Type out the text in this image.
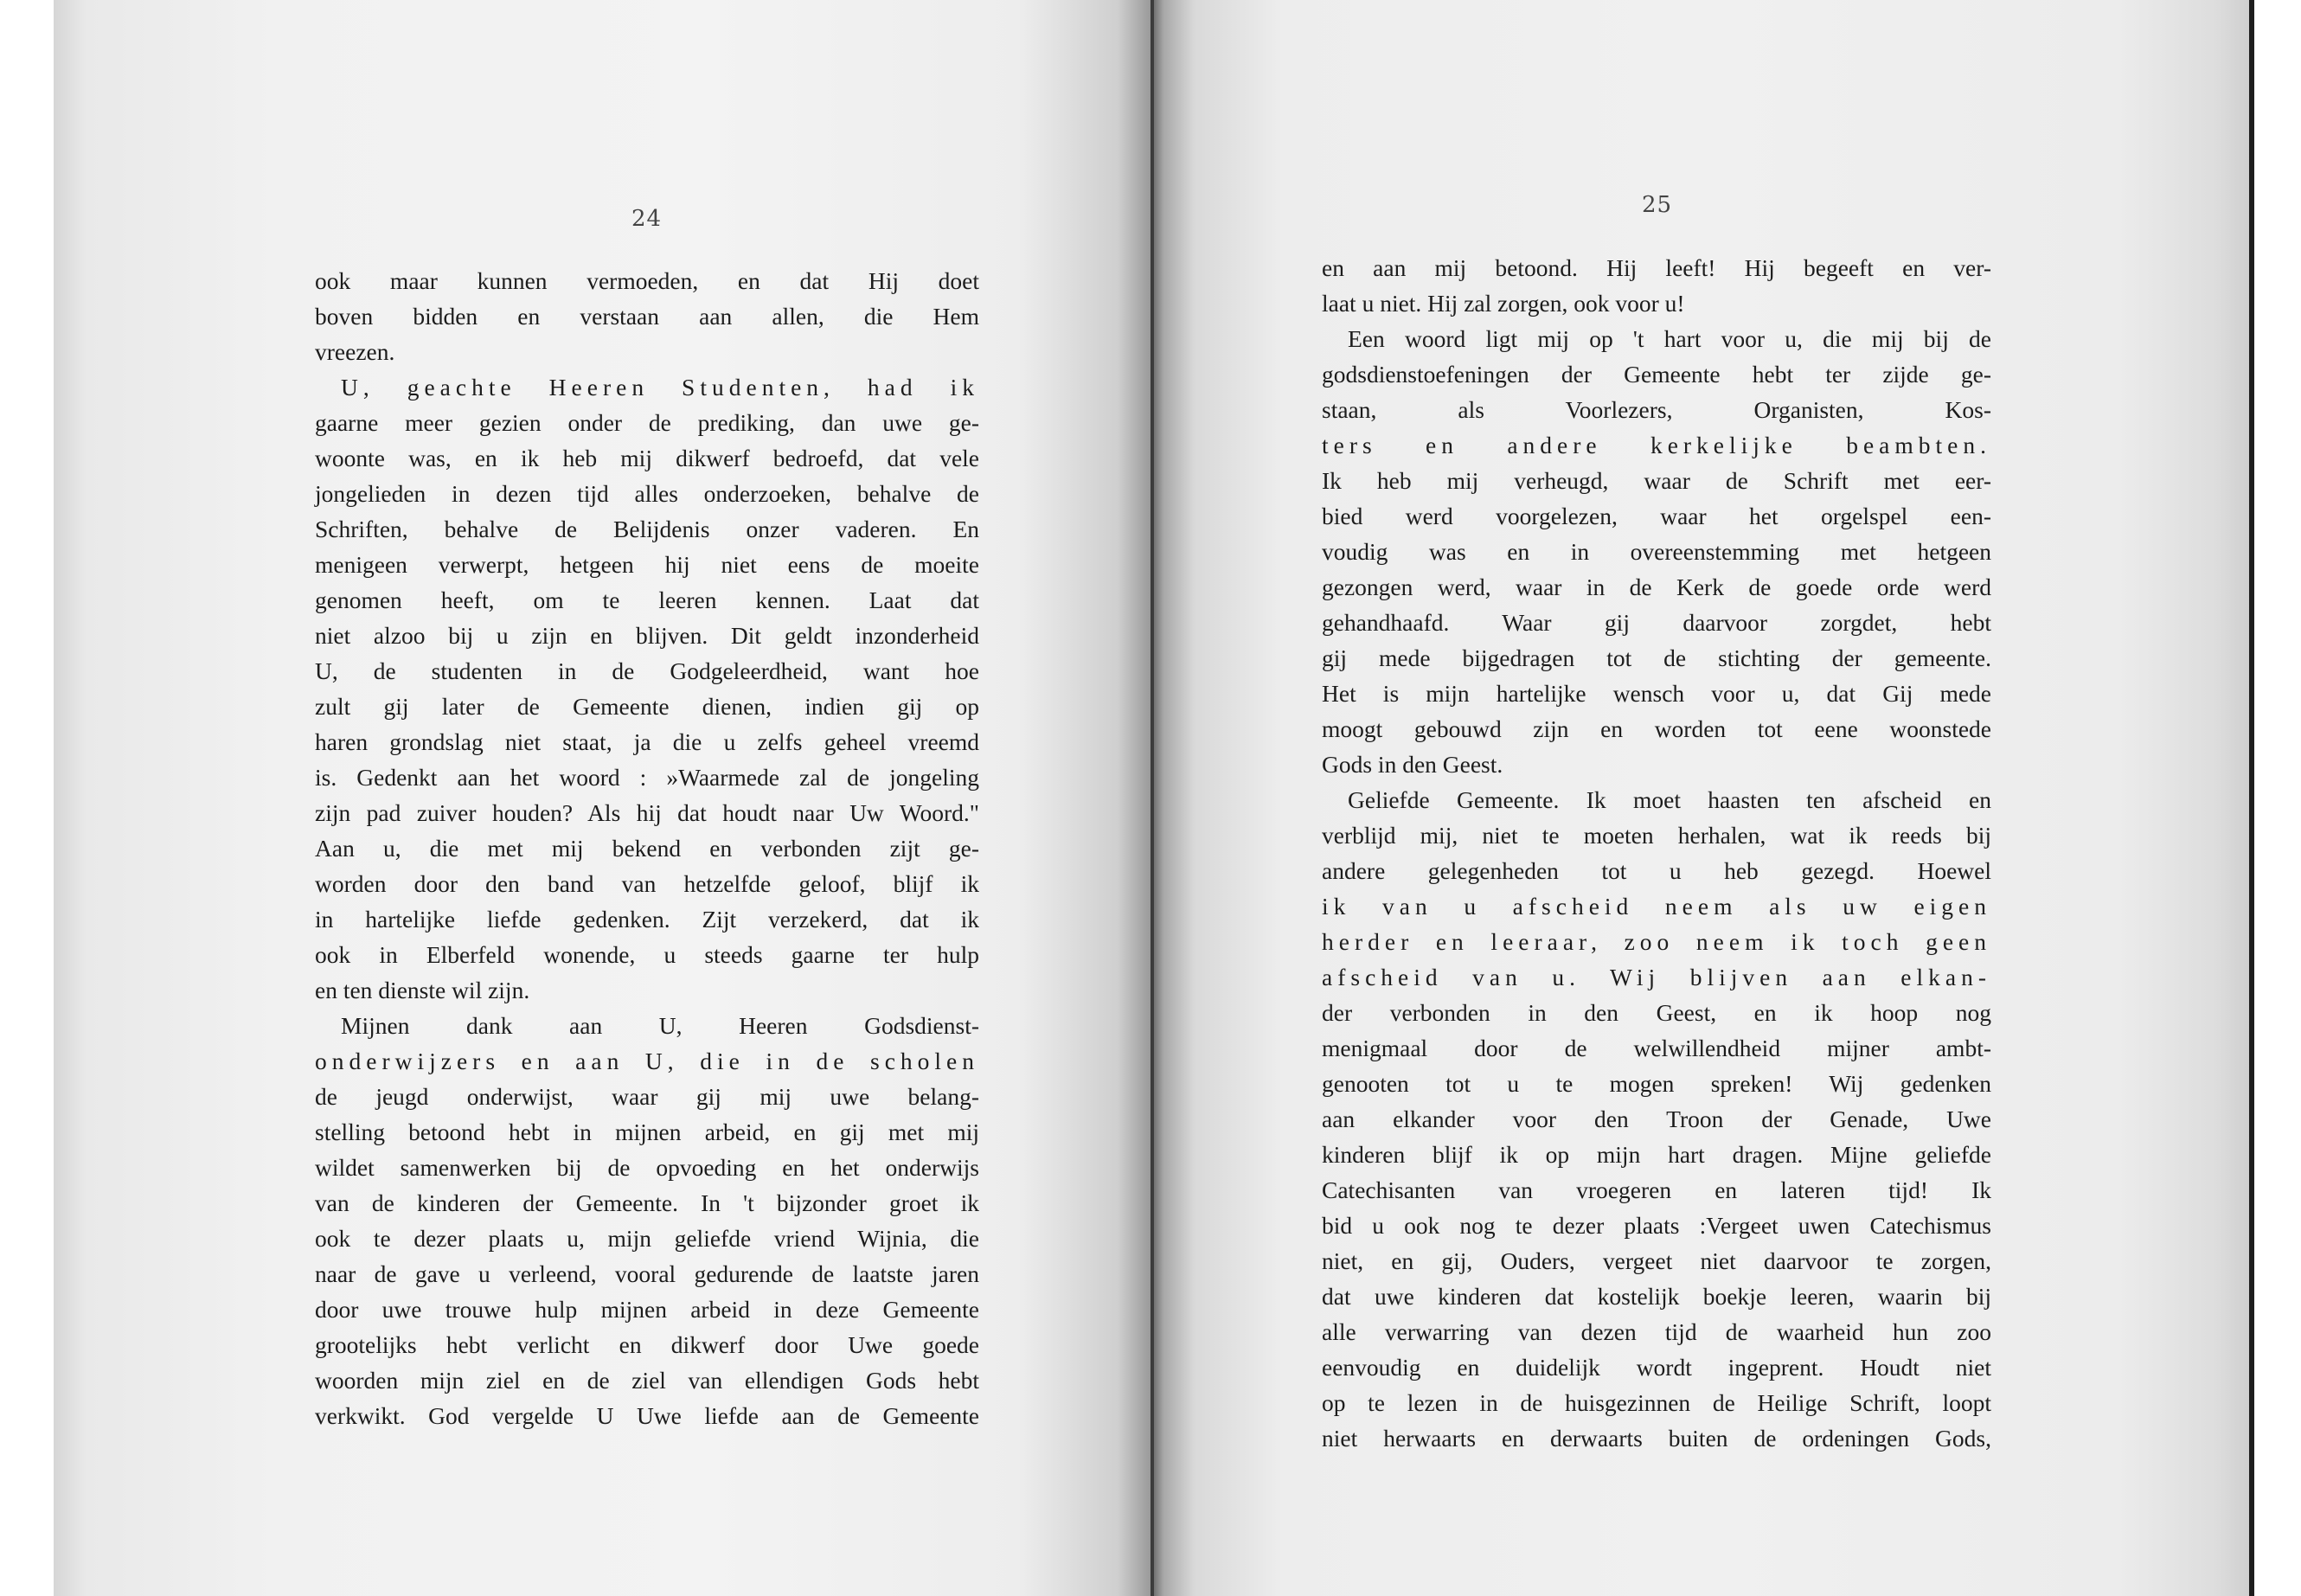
24
25
ook maar kunnen vermoeden, en dat Hij doet
boven bidden en verstaan aan allen, die Hem
vreezen.
U, geachte Heeren Studenten, had ik
gaarne meer gezien onder de prediking, dan uwe ge-
woonte was, en ik heb mij dikwerf bedroefd, dat vele
jongelieden in dezen tijd alles onderzoeken, behalve de
Schriften, behalve de Belijdenis onzer vaderen. En
menigeen verwerpt, hetgeen hij niet eens de moeite
genomen heeft, om te leeren kennen. Laat dat
niet alzoo bij u zijn en blijven. Dit geldt inzonderheid
U, de studenten in de Godgeleerdheid, want hoe
zult gij later de Gemeente dienen, indien gij op
haren grondslag niet staat, ja die u zelfs geheel vreemd
is. Gedenkt aan het woord : »Waarmede zal de jongeling
zijn pad zuiver houden? Als hij dat houdt naar Uw Woord."
Aan u, die met mij bekend en verbonden zijt ge-
worden door den band van hetzelfde geloof, blijf ik
in hartelijke liefde gedenken. Zijt verzekerd, dat ik
ook in Elberfeld wonende, u steeds gaarne ter hulp
en ten dienste wil zijn.
Mijnen dank aan U, Heeren Godsdienst-
onderwijzers en aan U, die in de scholen
de jeugd onderwijst, waar gij mij uwe belang-
stelling betoond hebt in mijnen arbeid, en gij met mij
wildet samenwerken bij de opvoeding en het onderwijs
van de kinderen der Gemeente. In 't bijzonder groet ik
ook te dezer plaats u, mijn geliefde vriend Wijnia, die
naar de gave u verleend, vooral gedurende de laatste jaren
door uwe trouwe hulp mijnen arbeid in deze Gemeente
grootelijks hebt verlicht en dikwerf door Uwe goede
woorden mijn ziel en de ziel van ellendigen Gods hebt
verkwikt. God vergelde U Uwe liefde aan de Gemeente
en aan mij betoond. Hij leeft! Hij begeeft en ver-
laat u niet. Hij zal zorgen, ook voor u!
Een woord ligt mij op 't hart voor u, die mij bij de
godsdienstoefeningen der Gemeente hebt ter zijde ge-
staan, als Voorlezers, Organisten, Kos-
ters en andere kerkelijke beambten.
Ik heb mij verheugd, waar de Schrift met eer-
bied werd voorgelezen, waar het orgelspel een-
voudig was en in overeenstemming met hetgeen
gezongen werd, waar in de Kerk de goede orde werd
gehandhaafd. Waar gij daarvoor zorgdet, hebt
gij mede bijgedragen tot de stichting der gemeente.
Het is mijn hartelijke wensch voor u, dat Gij mede
moogt gebouwd zijn en worden tot eene woonstede
Gods in den Geest.
Geliefde Gemeente. Ik moet haasten ten afscheid en
verblijd mij, niet te moeten herhalen, wat ik reeds bij
andere gelegenheden tot u heb gezegd. Hoewel
ik van u afscheid neem als uw eigen
herder en leeraar, zoo neem ik toch geen
afscheid van u. Wij blijven aan elkan-
der verbonden in den Geest, en ik hoop nog
menigmaal door de welwillendheid mijner ambt-
genooten tot u te mogen spreken! Wij gedenken
aan elkander voor den Troon der Genade, Uwe
kinderen blijf ik op mijn hart dragen. Mijne geliefde
Catechisanten van vroegeren en lateren tijd! Ik
bid u ook nog te dezer plaats :Vergeet uwen Catechismus
niet, en gij, Ouders, vergeet niet daarvoor te zorgen,
dat uwe kinderen dat kostelijk boekje leeren, waarin bij
alle verwarring van dezen tijd de waarheid hun zoo
eenvoudig en duidelijk wordt ingeprent. Houdt niet
op te lezen in de huisgezinnen de Heilige Schrift, loopt
niet herwaarts en derwaarts buiten de ordeningen Gods,
